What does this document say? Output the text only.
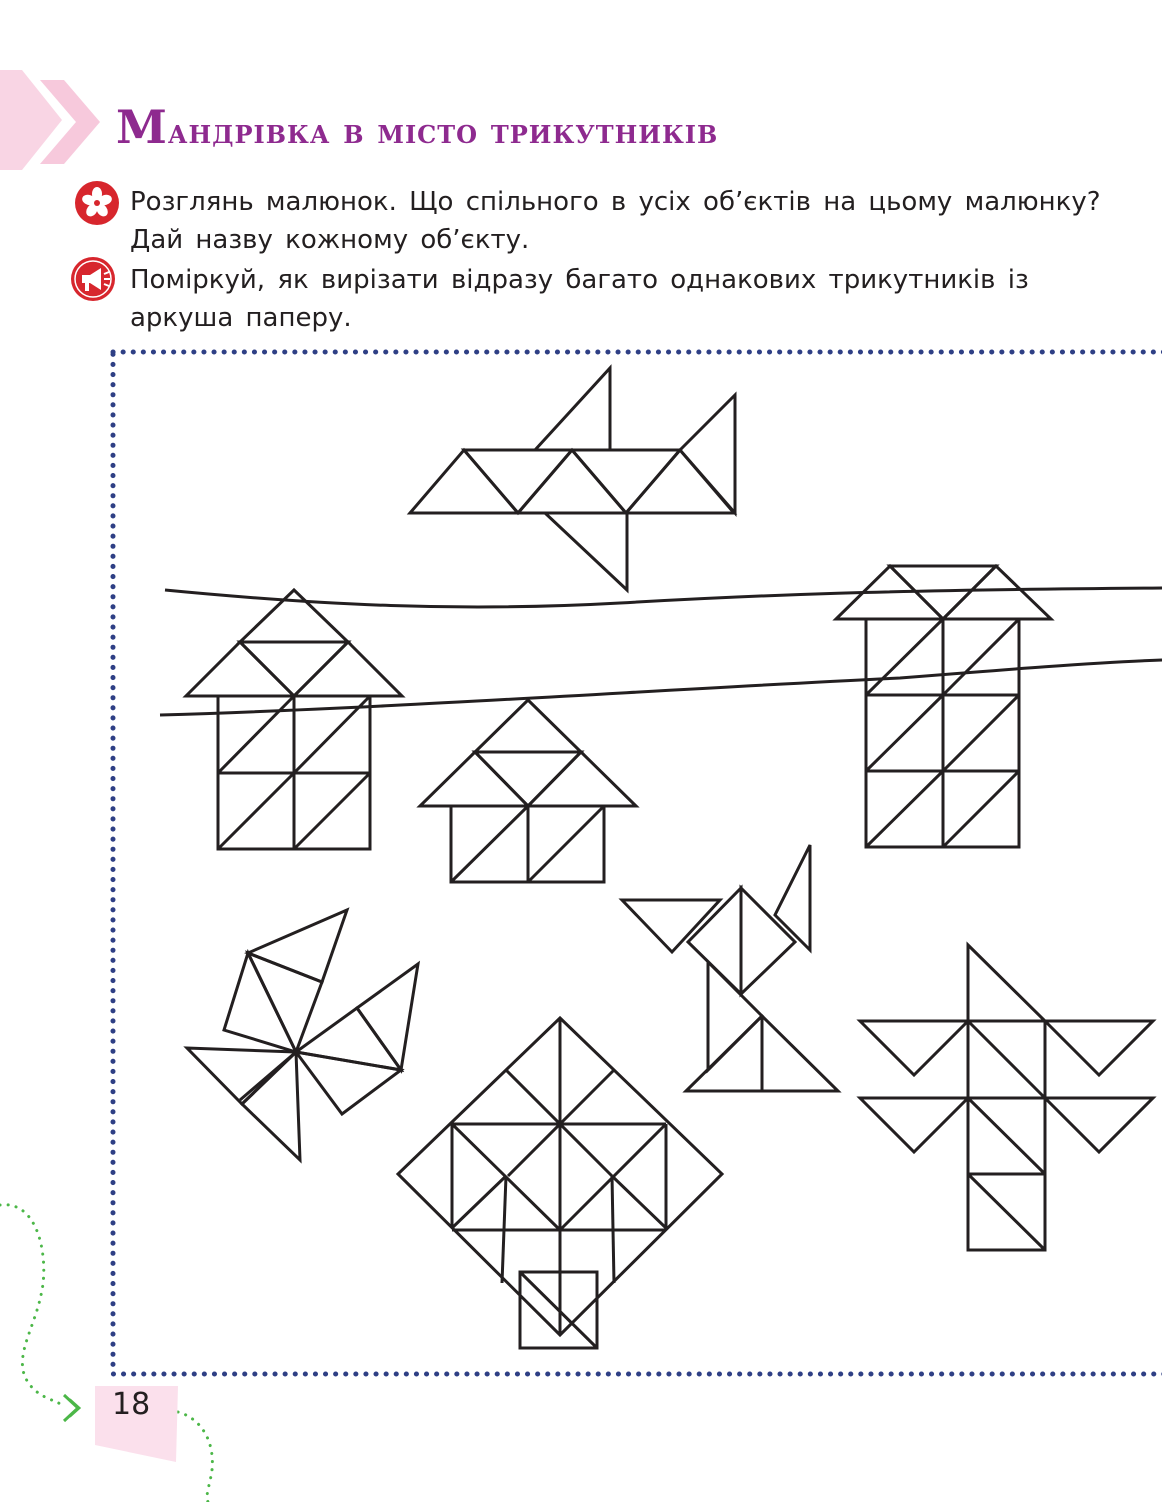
Мандрівка в місто трикутників

Розглянь малюнок. Що спільного в усіх об’єктів на цьому малюнку? Дай назву кожному об’єкту.

Поміркуй, як вирізати відразу багато однакових трикутників із аркуша паперу.

18
